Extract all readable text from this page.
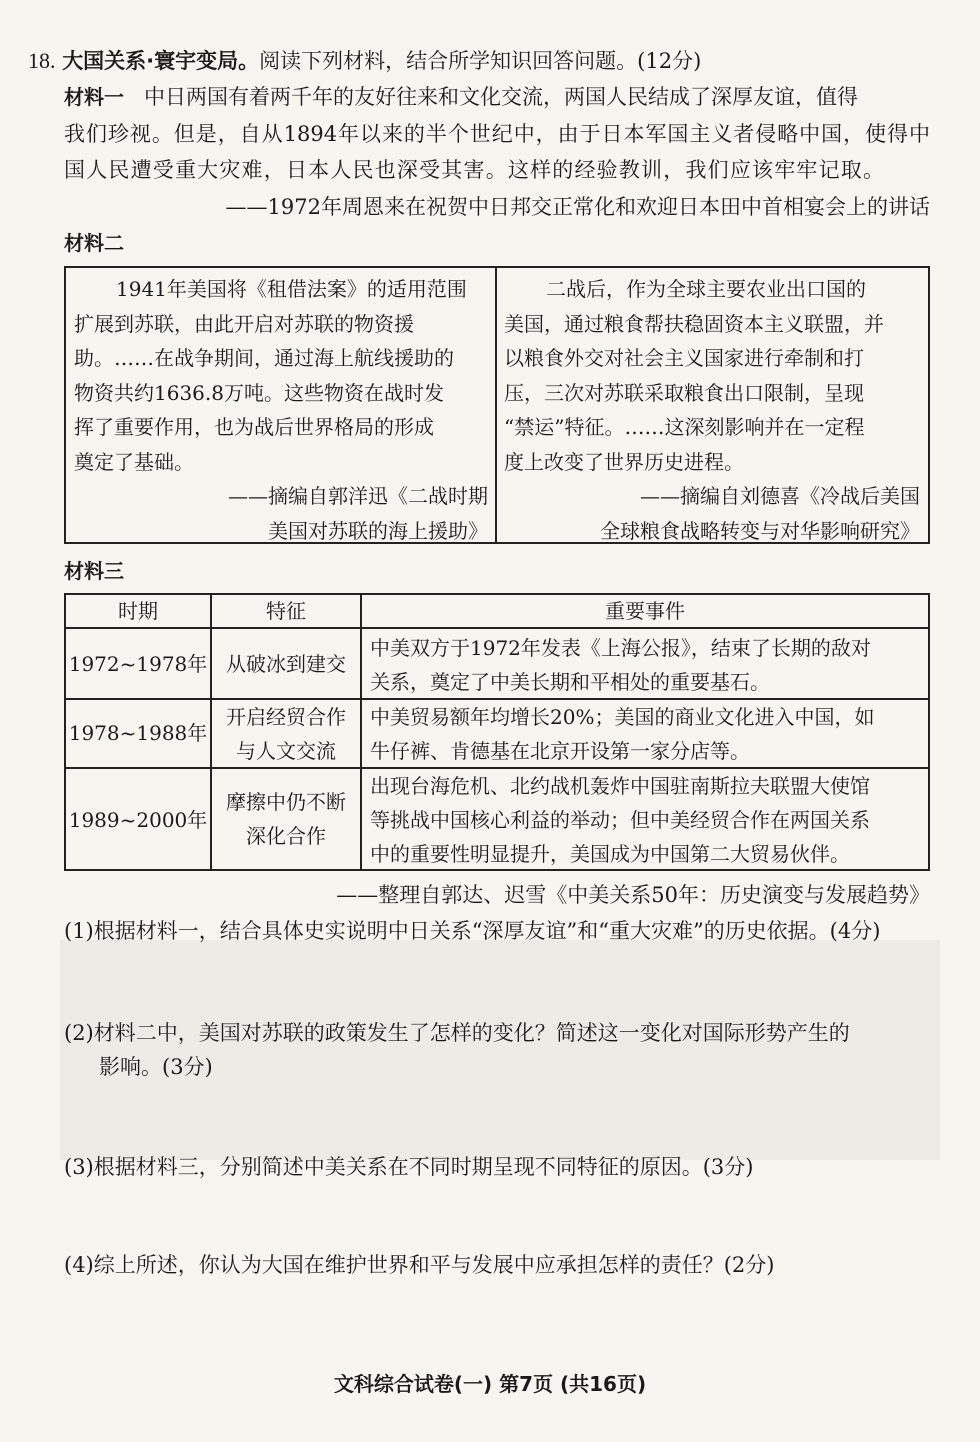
18. 大国关系·寰宇变局。阅读下列材料，结合所学知识回答问题。(12分)
材料一 中日两国有着两千年的友好往来和文化交流，两国人民结成了深厚友谊，值得
我们珍视。但是，自从1894年以来的半个世纪中，由于日本军国主义者侵略中国，使得中
国人民遭受重大灾难，日本人民也深受其害。这样的经验教训，我们应该牢牢记取。
——1972年周恩来在祝贺中日邦交正常化和欢迎日本田中首相宴会上的讲话
材料二
1941年美国将《租借法案》的适用范围
扩展到苏联，由此开启对苏联的物资援
助。……在战争期间，通过海上航线援助的
物资共约1636.8万吨。这些物资在战时发
挥了重要作用，也为战后世界格局的形成
奠定了基础。
——摘编自郭洋迅《二战时期
美国对苏联的海上援助》
二战后，作为全球主要农业出口国的
美国，通过粮食帮扶稳固资本主义联盟，并
以粮食外交对社会主义国家进行牵制和打
压，三次对苏联采取粮食出口限制，呈现
“禁运”特征。……这深刻影响并在一定程
度上改变了世界历史进程。
——摘编自刘德喜《冷战后美国
全球粮食战略转变与对华影响研究》
材料三
时期	特征	重要事件
1972~1978年 从破冰到建交
中美双方于1972年发表《上海公报》，结束了长期的敌对
关系，奠定了中美长期和平相处的重要基石。
1978~1988年
开启经贸合作
与人文交流
中美贸易额年均增长20%；美国的商业文化进入中国，如
牛仔裤、肯德基在北京开设第一家分店等。
1989~2000年
摩擦中仍不断
深化合作
出现台海危机、北约战机轰炸中国驻南斯拉夫联盟大使馆
等挑战中国核心利益的举动；但中美经贸合作在两国关系
中的重要性明显提升，美国成为中国第二大贸易伙伴。
——整理自郭达、迟雪《中美关系50年：历史演变与发展趋势》
(1)根据材料一，结合具体史实说明中日关系“深厚友谊”和“重大灾难”的历史依据。(4分)
(2)材料二中，美国对苏联的政策发生了怎样的变化？简述这一变化对国际形势产生的
影响。(3分)
(3)根据材料三，分别简述中美关系在不同时期呈现不同特征的原因。(3分)
(4)综上所述，你认为大国在维护世界和平与发展中应承担怎样的责任？(2分)
文科综合试卷(一) 第7页 (共16页)
